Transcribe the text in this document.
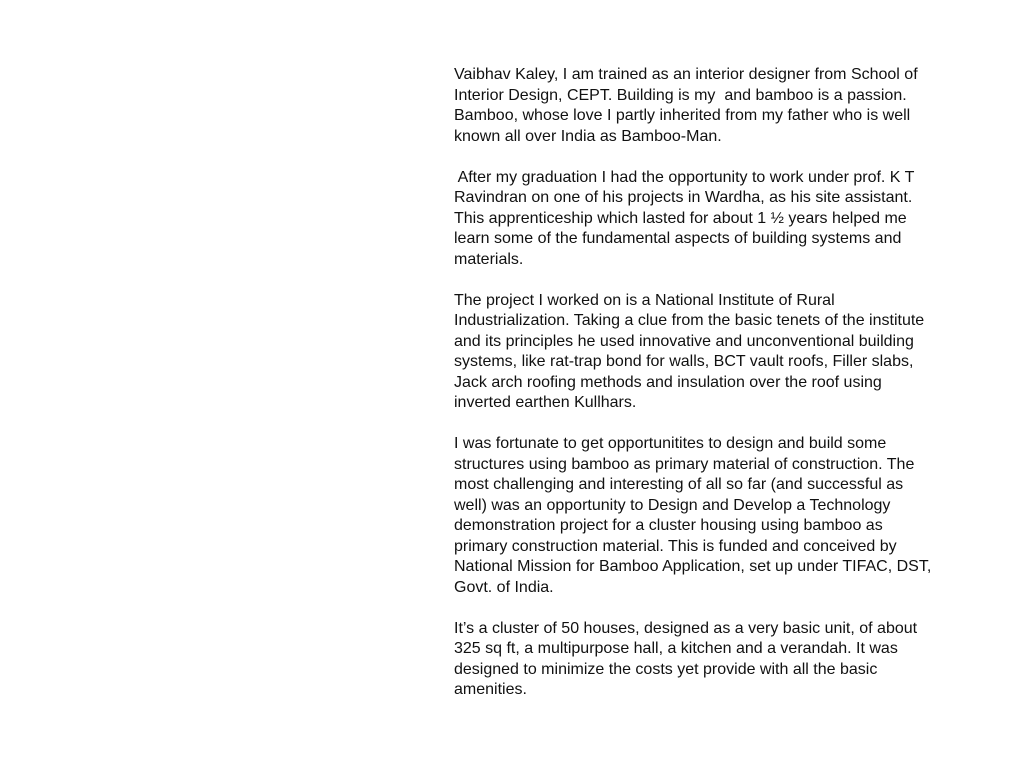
Vaibhav Kaley, I am trained as an interior designer from School of
Interior Design, CEPT. Building is my  and bamboo is a passion.
Bamboo, whose love I partly inherited from my father who is well
known all over India as Bamboo-Man.

After my graduation I had the opportunity to work under prof. K T
Ravindran on one of his projects in Wardha, as his site assistant.
This apprenticeship which lasted for about 1 ½ years helped me
learn some of the fundamental aspects of building systems and
materials.

The project I worked on is a National Institute of Rural
Industrialization. Taking a clue from the basic tenets of the institute
and its principles he used innovative and unconventional building
systems, like rat-trap bond for walls, BCT vault roofs, Filler slabs,
Jack arch roofing methods and insulation over the roof using
inverted earthen Kullhars.

I was fortunate to get opportunitites to design and build some
structures using bamboo as primary material of construction. The
most challenging and interesting of all so far (and successful as
well) was an opportunity to Design and Develop a Technology
demonstration project for a cluster housing using bamboo as
primary construction material. This is funded and conceived by
National Mission for Bamboo Application, set up under TIFAC, DST,
Govt. of India.

It’s a cluster of 50 houses, designed as a very basic unit, of about
325 sq ft, a multipurpose hall, a kitchen and a verandah. It was
designed to minimize the costs yet provide with all the basic
amenities.
